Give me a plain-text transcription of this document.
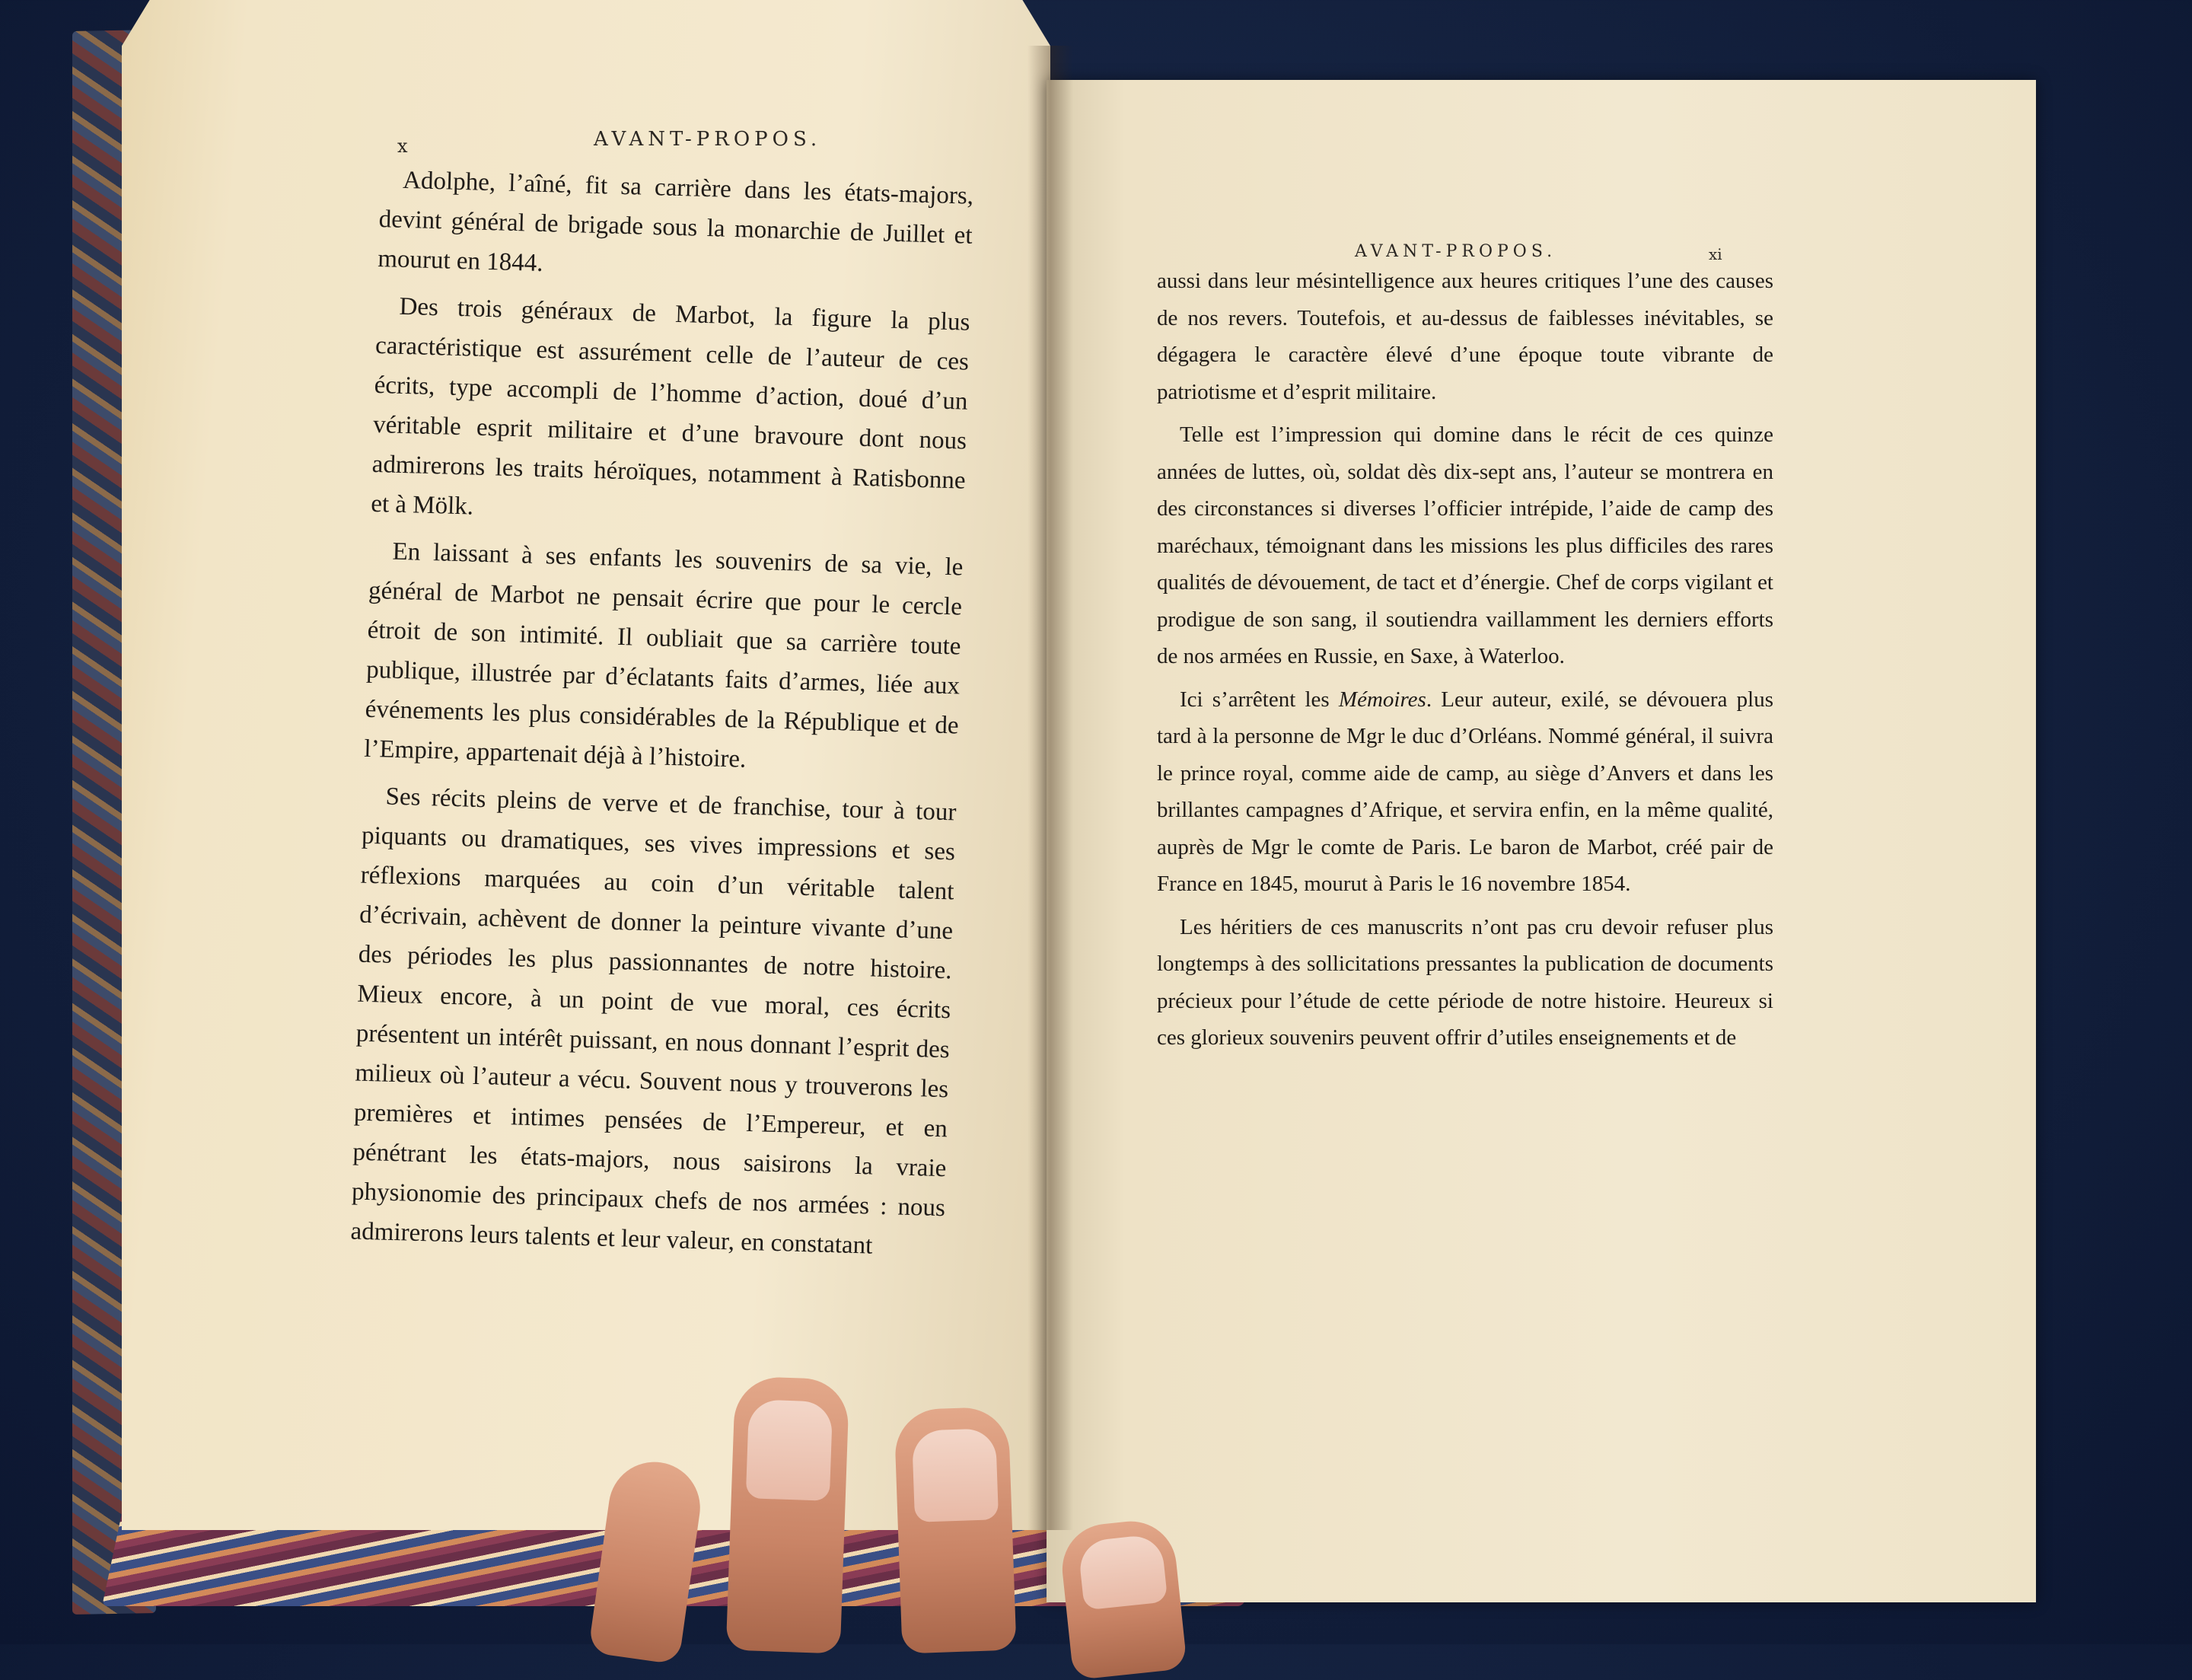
x	AVANT-PROPOS.

Adolphe, l’aîné, fit sa carrière dans les états-majors, devint général de brigade sous la monarchie de Juillet et mourut en 1844.

Des trois généraux de Marbot, la figure la plus caractéristique est assurément celle de l’auteur de ces écrits, type accompli de l’homme d’action, doué d’un véritable esprit militaire et d’une bravoure dont nous admirerons les traits héroïques, notamment à Ratisbonne et à Mölk.

En laissant à ses enfants les souvenirs de sa vie, le général de Marbot ne pensait écrire que pour le cercle étroit de son intimité. Il oubliait que sa carrière toute publique, illustrée par d’éclatants faits d’armes, liée aux événements les plus considérables de la République et de l’Empire, appartenait déjà à l’histoire.

Ses récits pleins de verve et de franchise, tour à tour piquants ou dramatiques, ses vives impressions et ses réflexions marquées au coin d’un véritable talent d’écrivain, achèvent de donner la peinture vivante d’une des périodes les plus passionnantes de notre histoire. Mieux encore, à un point de vue moral, ces écrits présentent un intérêt puissant, en nous donnant l’esprit des milieux où l’auteur a vécu. Souvent nous y trouverons les premières et intimes pensées de l’Empereur, et en pénétrant les états-majors, nous saisirons la vraie physionomie des principaux chefs de nos armées : nous admirerons leurs talents et leur valeur, en constatant

AVANT-PROPOS.	xi

aussi dans leur mésintelligence aux heures critiques l’une des causes de nos revers. Toutefois, et au-dessus de faiblesses inévitables, se dégagera le caractère élevé d’une époque toute vibrante de patriotisme et d’esprit militaire.

Telle est l’impression qui domine dans le récit de ces quinze années de luttes, où, soldat dès dix-sept ans, l’auteur se montrera en des circonstances si diverses l’officier intrépide, l’aide de camp des maréchaux, témoignant dans les missions les plus difficiles des rares qualités de dévouement, de tact et d’énergie. Chef de corps vigilant et prodigue de son sang, il soutiendra vaillamment les derniers efforts de nos armées en Russie, en Saxe, à Waterloo.

Ici s’arrêtent les Mémoires. Leur auteur, exilé, se dévouera plus tard à la personne de Mgr le duc d’Orléans. Nommé général, il suivra le prince royal, comme aide de camp, au siège d’Anvers et dans les brillantes campagnes d’Afrique, et servira enfin, en la même qualité, auprès de Mgr le comte de Paris. Le baron de Marbot, créé pair de France en 1845, mourut à Paris le 16 novembre 1854.

Les héritiers de ces manuscrits n’ont pas cru devoir refuser plus longtemps à des sollicitations pressantes la publication de documents précieux pour l’étude de cette période de notre histoire. Heureux si ces glorieux souvenirs peuvent offrir d’utiles enseignements et de
